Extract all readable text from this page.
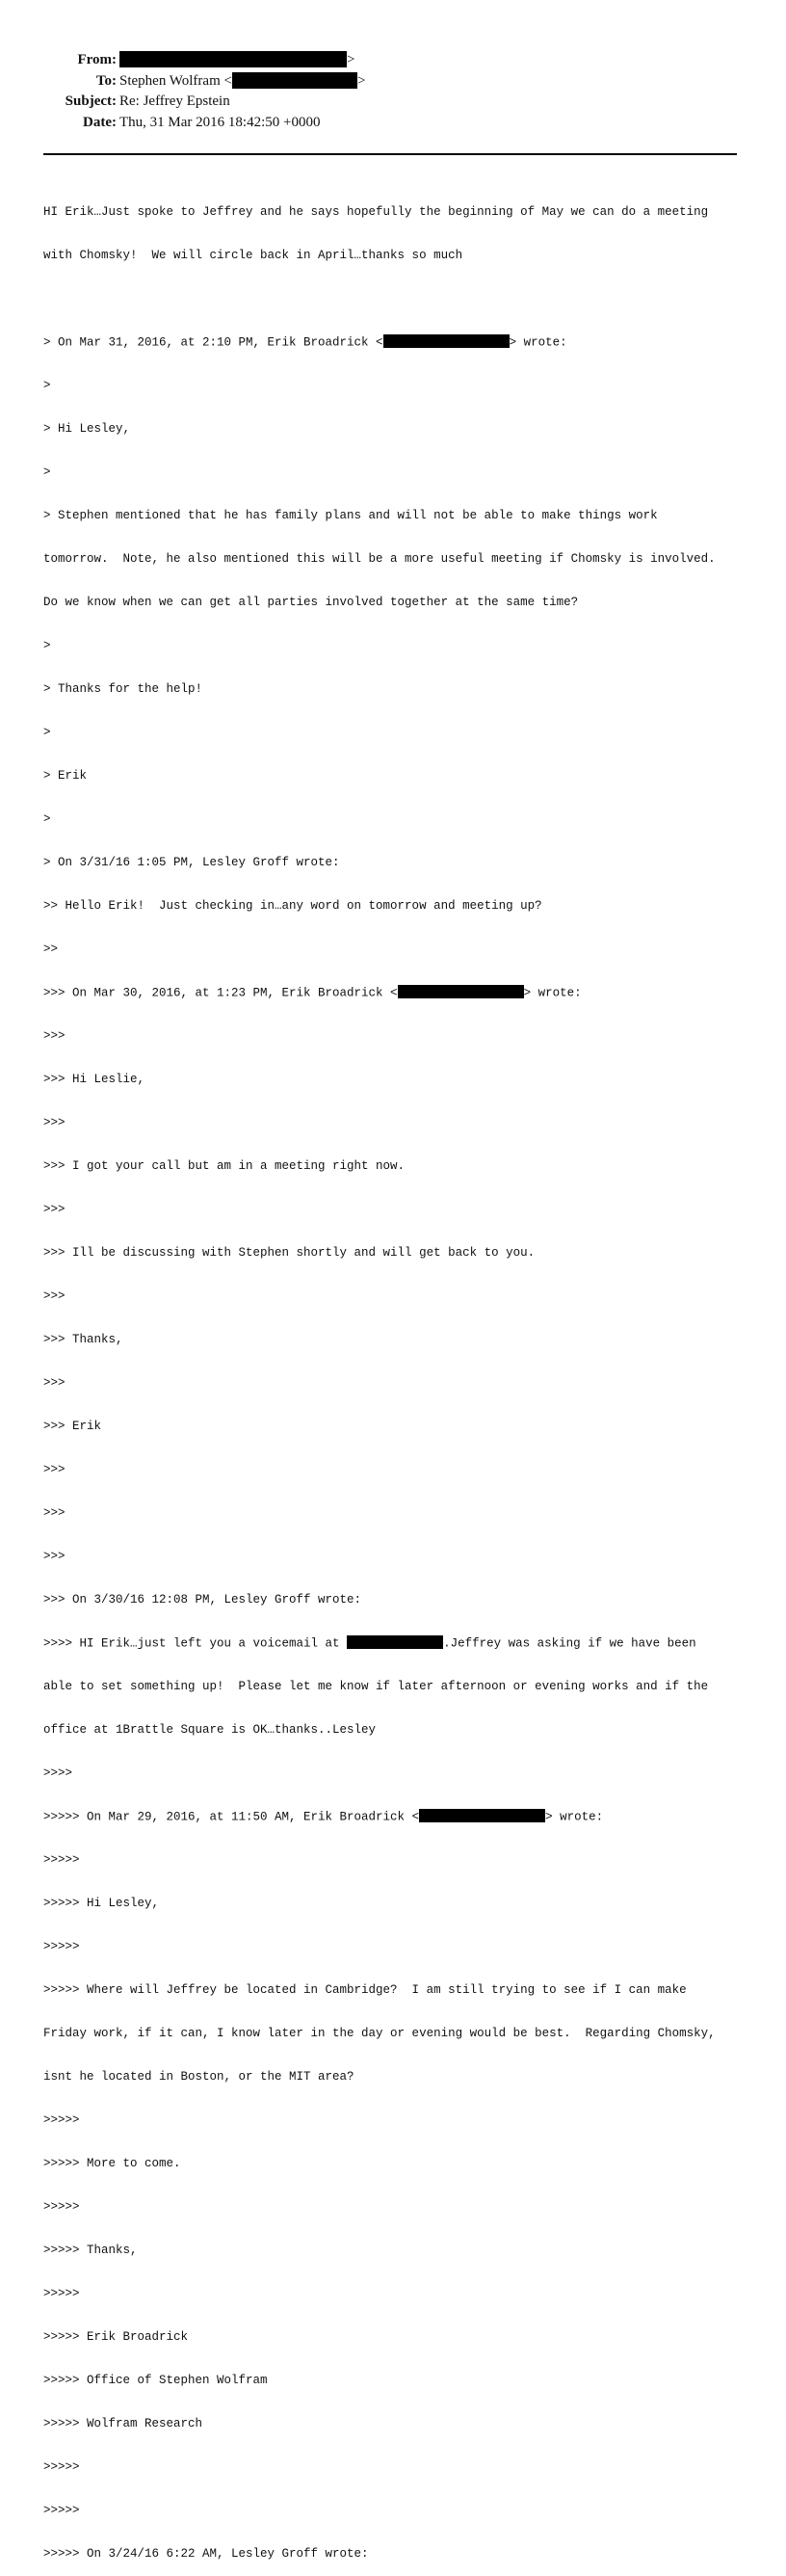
From:	>
To: Stephen Wolfram <	>
Subject: Re: Jeffrey Epstein
Date: Thu, 31 Mar 2016 18:42:50 +0000

HI Erik…Just spoke to Jeffrey and he says hopefully the beginning of May we can do a meeting

with Chomsky!  We will circle back in April…thanks so much

> On Mar 31, 2016, at 2:10 PM, Erik Broadrick <	> wrote:

>

> Hi Lesley,

>

> Stephen mentioned that he has family plans and will not be able to make things work

tomorrow.  Note, he also mentioned this will be a more useful meeting if Chomsky is involved.

Do we know when we can get all parties involved together at the same time?

>

> Thanks for the help!

>

> Erik

>

> On 3/31/16 1:05 PM, Lesley Groff wrote:

>> Hello Erik!  Just checking in…any word on tomorrow and meeting up?

>>

>>> On Mar 30, 2016, at 1:23 PM, Erik Broadrick <	> wrote:

>>>

>>> Hi Leslie,

>>>

>>> I got your call but am in a meeting right now.

>>>

>>> Ill be discussing with Stephen shortly and will get back to you.

>>>

>>> Thanks,

>>>

>>> Erik

>>>

>>>

>>>

>>> On 3/30/16 12:08 PM, Lesley Groff wrote:

>>>> HI Erik…just left you a voicemail at	.Jeffrey was asking if we have been

able to set something up!  Please let me know if later afternoon or evening works and if the

office at 1Brattle Square is OK…thanks..Lesley

>>>>

>>>>> On Mar 29, 2016, at 11:50 AM, Erik Broadrick <	> wrote:

>>>>>

>>>>> Hi Lesley,

>>>>>

>>>>> Where will Jeffrey be located in Cambridge?  I am still trying to see if I can make

Friday work, if it can, I know later in the day or evening would be best.  Regarding Chomsky,

isnt he located in Boston, or the MIT area?

>>>>>

>>>>> More to come.

>>>>>

>>>>> Thanks,

>>>>>

>>>>> Erik Broadrick

>>>>> Office of Stephen Wolfram

>>>>> Wolfram Research

>>>>>

>>>>>

>>>>> On 3/24/16 6:22 AM, Lesley Groff wrote:
